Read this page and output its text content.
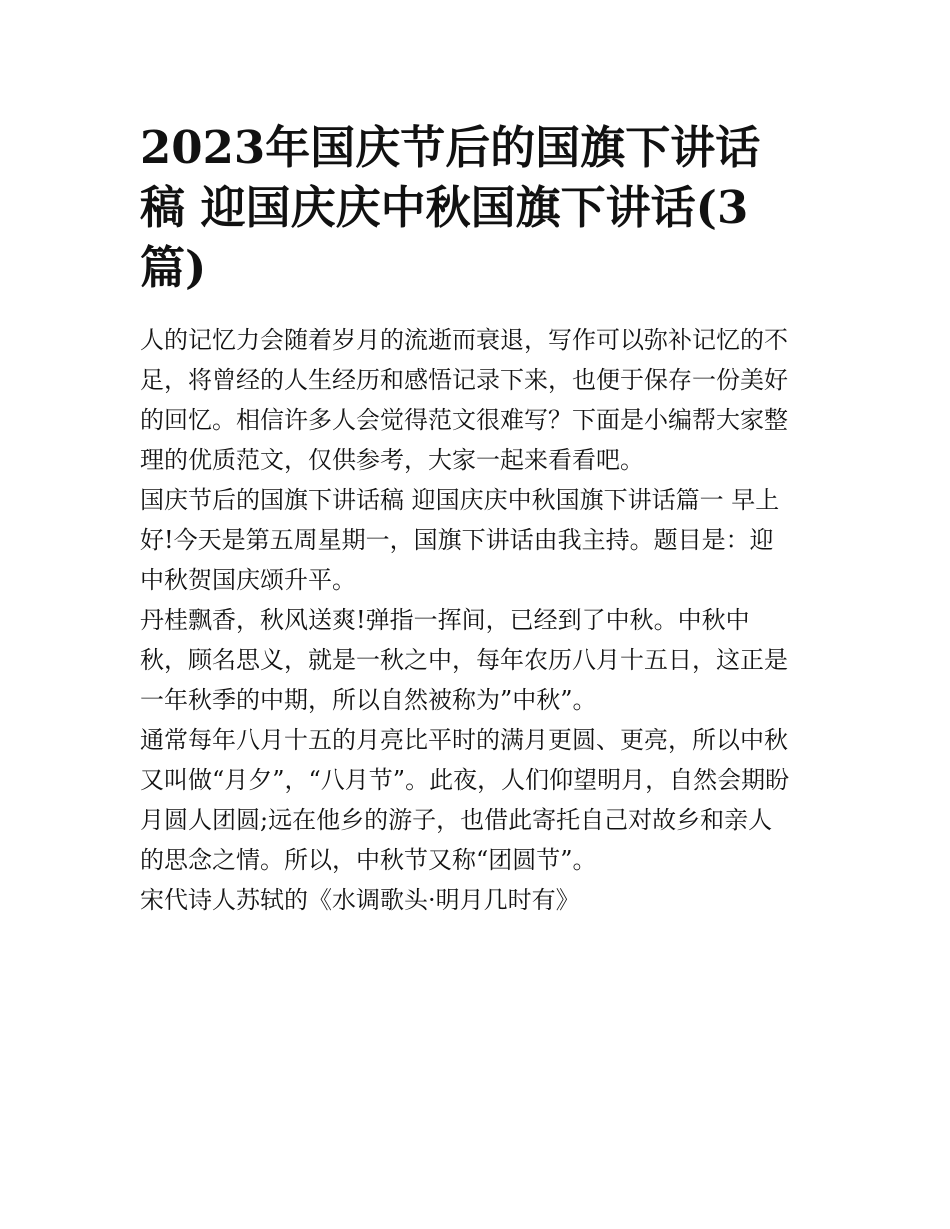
2023年国庆节后的国旗下讲话
稿 迎国庆庆中秋国旗下讲话(3
篇)

人的记忆力会随着岁月的流逝而衰退，写作可以弥补记忆的不
足，将曾经的人生经历和感悟记录下来，也便于保存一份美好
的回忆。相信许多人会觉得范文很难写？下面是小编帮大家整
理的优质范文，仅供参考，大家一起来看看吧。

国庆节后的国旗下讲话稿 迎国庆庆中秋国旗下讲话篇一 早上
好!今天是第五周星期一，国旗下讲话由我主持。题目是：迎
中秋贺国庆颂升平。

丹桂飘香，秋风送爽!弹指一挥间，已经到了中秋。中秋中
秋，顾名思义，就是一秋之中，每年农历八月十五日，这正是
一年秋季的中期，所以自然被称为”中秋”。

通常每年八月十五的月亮比平时的满月更圆、更亮，所以中秋
又叫做“月夕”，“八月节”。此夜，人们仰望明月，自然会期盼
月圆人团圆;远在他乡的游子，也借此寄托自己对故乡和亲人
的思念之情。所以，中秋节又称“团圆节”。

宋代诗人苏轼的《水调歌头·明月几时有》
